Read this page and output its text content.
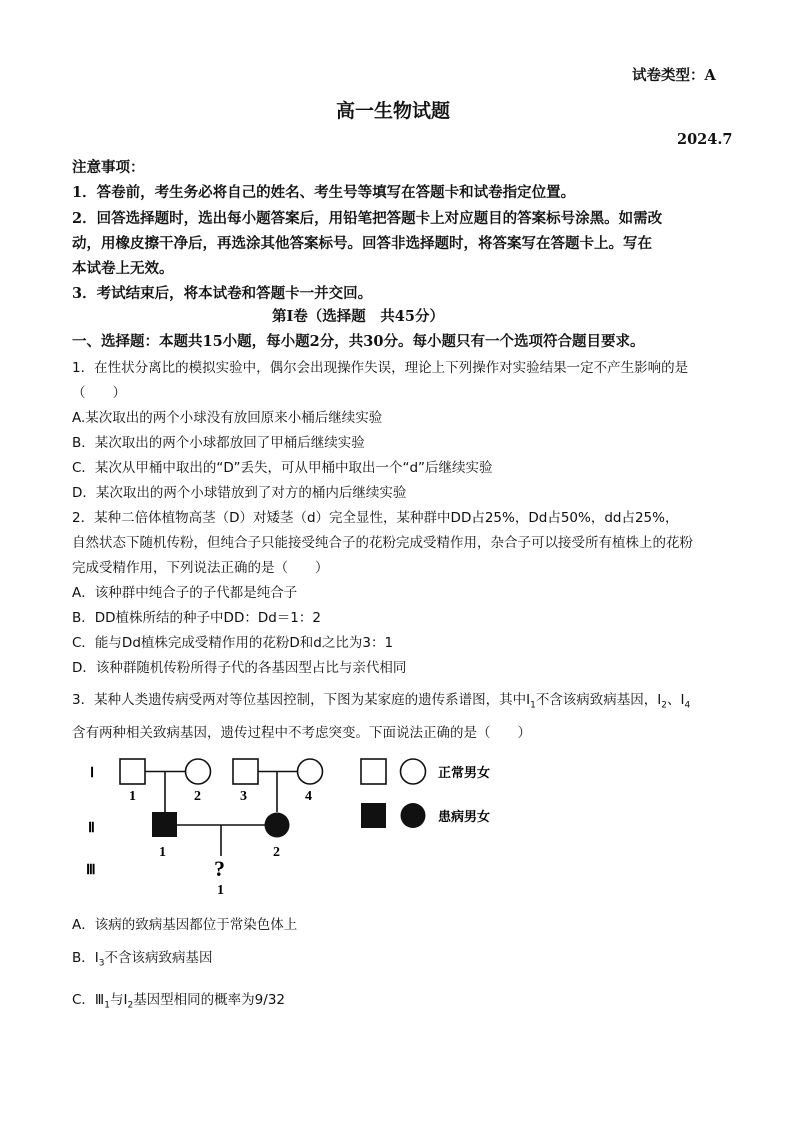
试卷类型：A
高一生物试题
2024.7
注意事项：
1．答卷前，考生务必将自己的姓名、考生号等填写在答题卡和试卷指定位置。
2．回答选择题时，选出每小题答案后，用铅笔把答题卡上对应题目的答案标号涂黑。如需改
动，用橡皮擦干净后，再选涂其他答案标号。回答非选择题时，将答案写在答题卡上。写在
本试卷上无效。
3．考试结束后，将本试卷和答题卡一并交回。
第Ⅰ卷（选择题　共45分）
一、选择题：本题共15小题，每小题2分，共30分。每小题只有一个选项符合题目要求。
1．在性状分离比的模拟实验中，偶尔会出现操作失误，理论上下列操作对实验结果一定不产生影响的是
（　　）
A.某次取出的两个小球没有放回原来小桶后继续实验
B．某次取出的两个小球都放回了甲桶后继续实验
C．某次从甲桶中取出的“D”丢失，可从甲桶中取出一个“d”后继续实验
D．某次取出的两个小球错放到了对方的桶内后继续实验
2．某种二倍体植物高茎（D）对矮茎（d）完全显性，某种群中DD占25%，Dd占50%，dd占25%，
自然状态下随机传粉，但纯合子只能接受纯合子的花粉完成受精作用，杂合子可以接受所有植株上的花粉
完成受精作用，下列说法正确的是（　　）
A．该种群中纯合子的子代都是纯合子
B．DD植株所结的种子中DD：Dd＝1：2
C．能与Dd植株完成受精作用的花粉D和d之比为3：1
D．该种群随机传粉所得子代的各基因型占比与亲代相同
3．某种人类遗传病受两对等位基因控制，下图为某家庭的遗传系谱图，其中$I_1$不含该病致病基因，$I_2$、$I_4$
含有两种相关致病基因，遗传过程中不考虑突变。下面说法正确的是（　　）
Ⅰ
Ⅱ
Ⅲ
1	2	3	4
1	2
?
1
正常男女
患病男女
A．该病的致病基因都位于常染色体上
B．$I_3$不含该病致病基因
C．$Ⅲ_1$与$I_2$基因型相同的概率为9/32
